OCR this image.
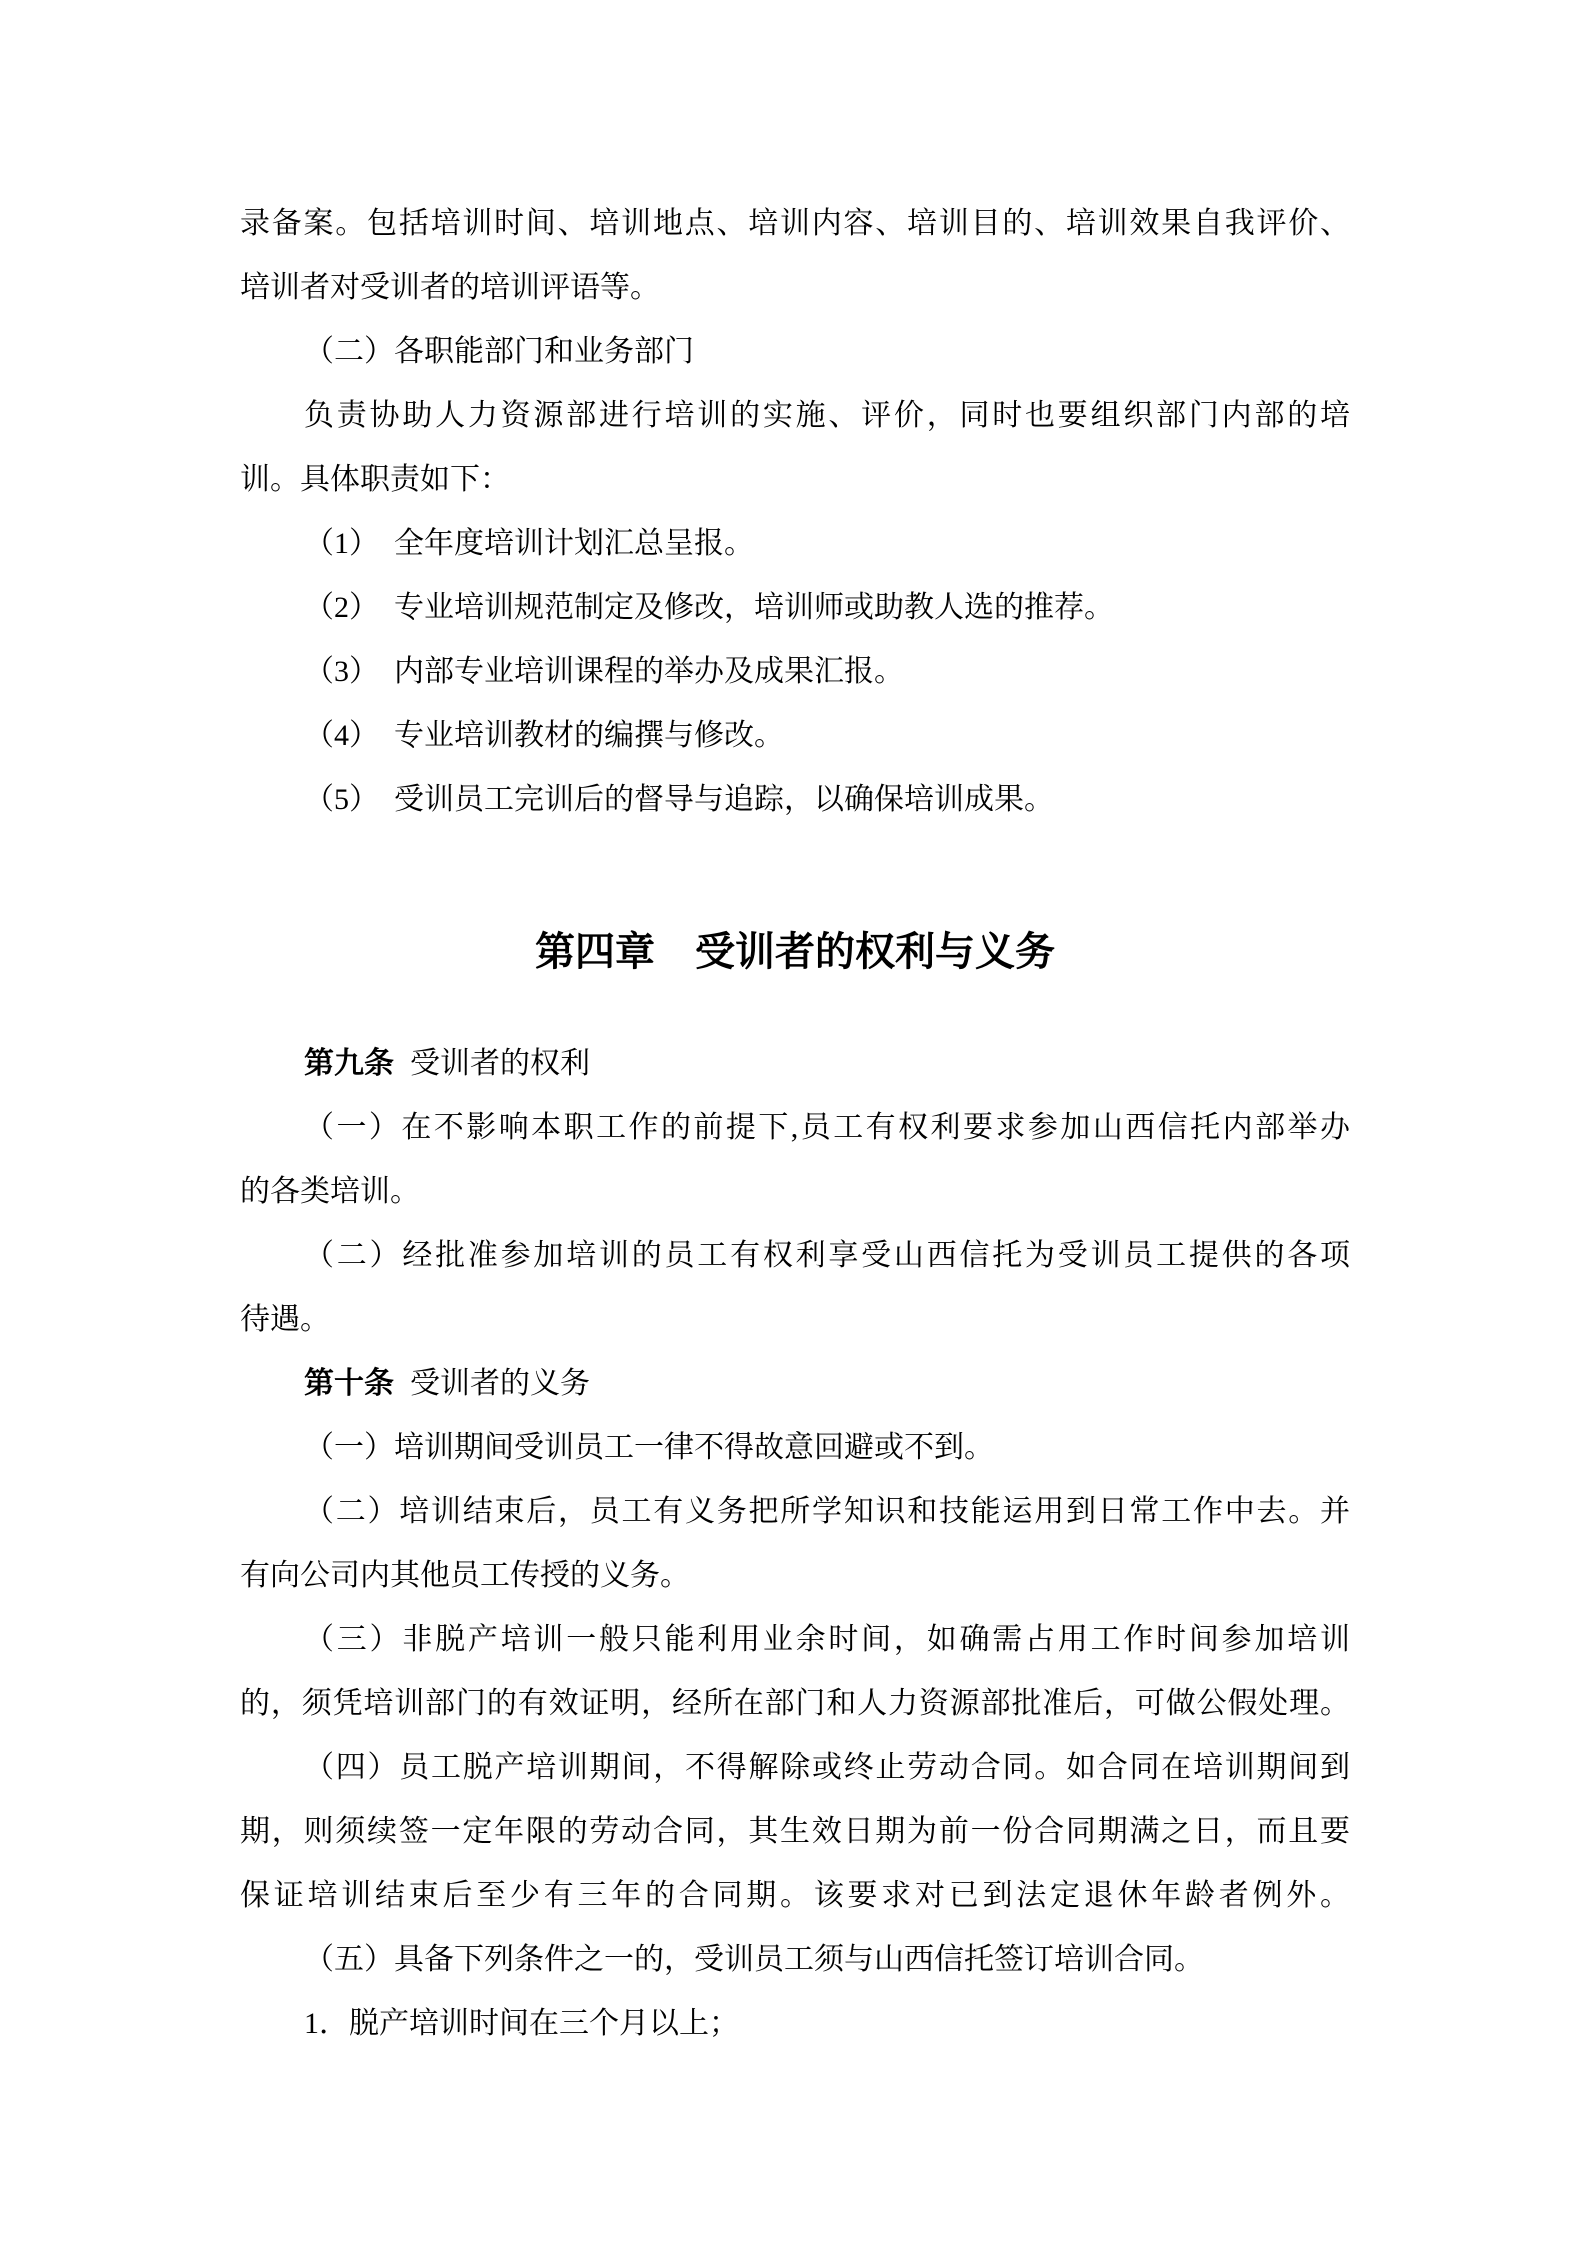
录备案。包括培训时间、培训地点、培训内容、培训目的、培训效果自我评价、
培训者对受训者的培训评语等。
（二）各职能部门和业务部门
负责协助人力资源部进行培训的实施、评价，同时也要组织部门内部的培
训。具体职责如下：
（1）　全年度培训计划汇总呈报。
（2）　专业培训规范制定及修改，培训师或助教人选的推荐。
（3）　内部专业培训课程的举办及成果汇报。
（4）　专业培训教材的编撰与修改。
（5）　受训员工完训后的督导与追踪，以确保培训成果。
第四章　受训者的权利与义务
第九条 受训者的权利
（一）在不影响本职工作的前提下,员工有权利要求参加山西信托内部举办
的各类培训。
（二）经批准参加培训的员工有权利享受山西信托为受训员工提供的各项
待遇。
第十条 受训者的义务
（一）培训期间受训员工一律不得故意回避或不到。
（二）培训结束后，员工有义务把所学知识和技能运用到日常工作中去。并
有向公司内其他员工传授的义务。
（三）非脱产培训一般只能利用业余时间，如确需占用工作时间参加培训
的，须凭培训部门的有效证明，经所在部门和人力资源部批准后，可做公假处理。
（四）员工脱产培训期间，不得解除或终止劳动合同。如合同在培训期间到
期，则须续签一定年限的劳动合同，其生效日期为前一份合同期满之日，而且要
保证培训结束后至少有三年的合同期。该要求对已到法定退休年龄者例外。
（五）具备下列条件之一的，受训员工须与山西信托签订培训合同。
1．脱产培训时间在三个月以上；
